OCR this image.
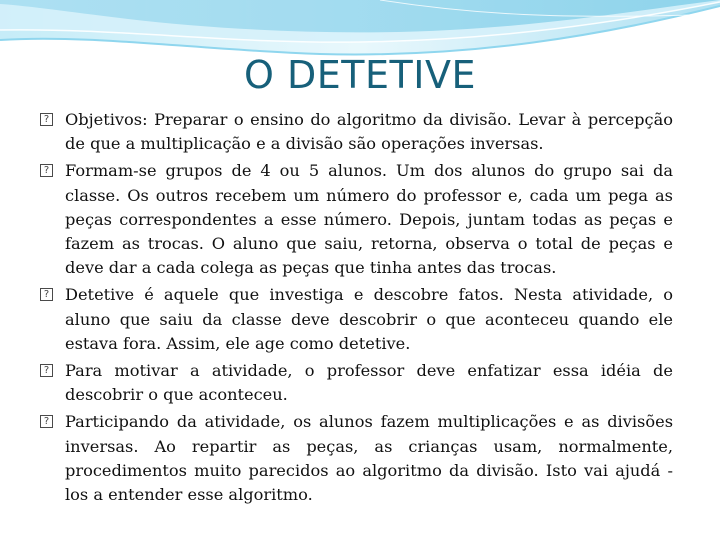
O DETETIVE
? Objetivos: Preparar o ensino do algoritmo da divisão. Levar à percepção de que a multiplicação e a divisão são operações inversas.
? Formam-se grupos de 4 ou 5 alunos. Um dos alunos do grupo sai da classe. Os outros recebem um número do professor e, cada um pega as peças correspondentes a esse número. Depois, juntam todas as peças e fazem as trocas. O aluno que saiu, retorna, observa o total de peças e deve dar a cada colega as peças que tinha antes das trocas.
? Detetive é aquele que investiga e descobre fatos. Nesta atividade, o aluno que saiu da classe deve descobrir o que aconteceu quando ele estava fora. Assim, ele age como detetive.
? Para motivar a atividade, o professor deve enfatizar essa idéia de descobrir o que aconteceu.
? Participando da atividade, os alunos fazem multiplicações e as divisões inversas. Ao repartir as peças, as crianças usam, normalmente, procedimentos muito parecidos ao algoritmo da divisão. Isto vai ajudá -los a entender esse algoritmo.
